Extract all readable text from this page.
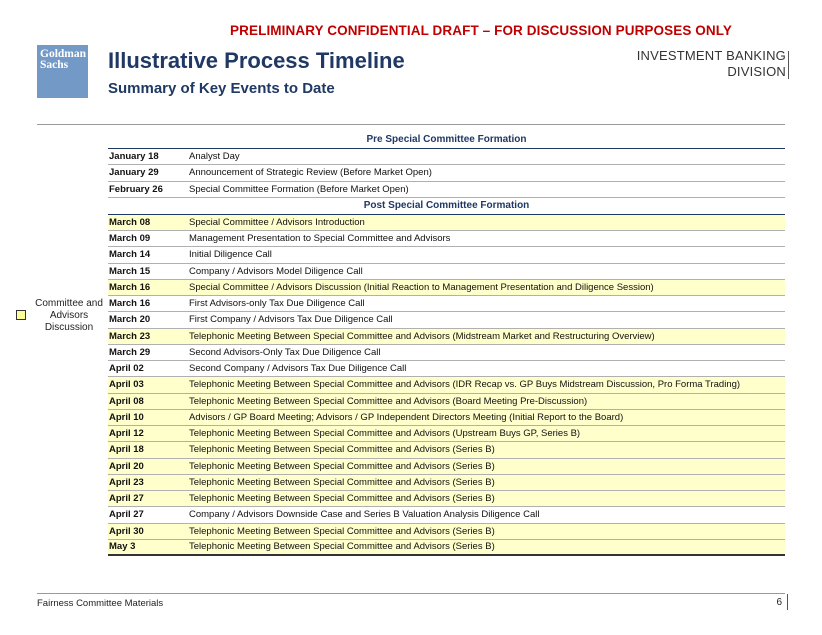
PRELIMINARY CONFIDENTIAL DRAFT – FOR DISCUSSION PURPOSES ONLY
Goldman
Sachs	Illustrative Process Timeline
Summary of Key Events to Date
INVESTMENT BANKING
DIVISION
Committee and Advisors Discussion
Pre Special Committee Formation
January 18	Analyst Day
January 29	Announcement of Strategic Review (Before Market Open)
February 26	Special Committee Formation (Before Market Open)
Post Special Committee Formation
March 08	Special Committee / Advisors Introduction
March 09	Management Presentation to Special Committee and Advisors
March 14	Initial Diligence Call
March 15	Company / Advisors Model Diligence Call
March 16	Special Committee / Advisors Discussion (Initial Reaction to Management Presentation and Diligence Session)
March 16	First Advisors-only Tax Due Diligence Call
March 20	First Company / Advisors Tax Due Diligence Call
March 23	Telephonic Meeting Between Special Committee and Advisors (Midstream Market and Restructuring Overview)
March 29	Second Advisors-Only Tax Due Diligence Call
April 02	Second Company / Advisors Tax Due Diligence Call
April 03	Telephonic Meeting Between Special Committee and Advisors (IDR Recap vs. GP Buys Midstream Discussion, Pro Forma Trading)
April 08	Telephonic Meeting Between Special Committee and Advisors (Board Meeting Pre-Discussion)
April 10	Advisors / GP Board Meeting; Advisors / GP Independent Directors Meeting (Initial Report to the Board)
April 12	Telephonic Meeting Between Special Committee and Advisors (Upstream Buys GP, Series B)
April 18	Telephonic Meeting Between Special Committee and Advisors (Series B)
April 20	Telephonic Meeting Between Special Committee and Advisors (Series B)
April 23	Telephonic Meeting Between Special Committee and Advisors (Series B)
April 27	Telephonic Meeting Between Special Committee and Advisors (Series B)
April 27	Company / Advisors Downside Case and Series B Valuation Analysis Diligence Call
April 30	Telephonic Meeting Between Special Committee and Advisors (Series B)
May 3	Telephonic Meeting Between Special Committee and Advisors (Series B)
Fairness Committee Materials	6
